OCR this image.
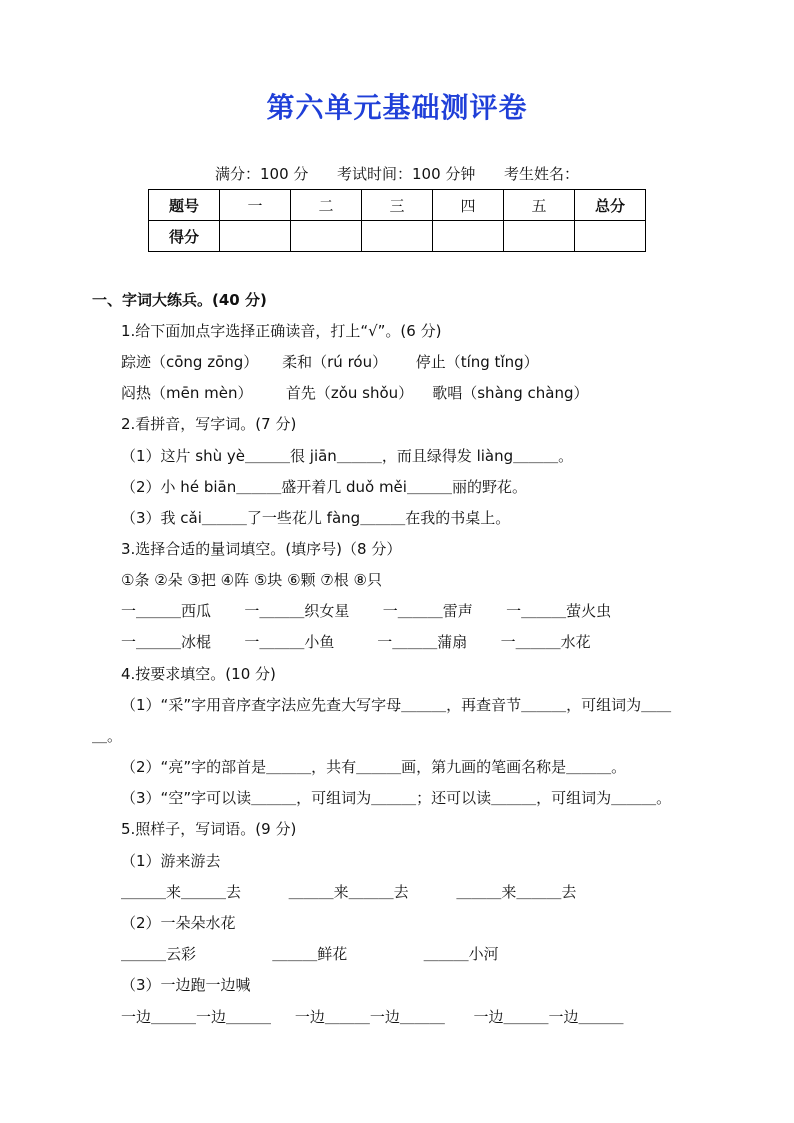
第六单元基础测评卷
满分：100 分      考试时间：100 分钟      考生姓名：
题号	一	二	三	四	五	总分
得分						
一、字词大练兵。(40 分)
1.给下面加点字选择正确读音，打上“√”。(6 分)
踪迹（cōng zōng）     柔和（rú róu）      停止（tíng tǐng）
闷热（mēn mèn）       首先（zǒu shǒu）    歌唱（shàng chàng）
2.看拼音，写字词。(7 分)
（1）这片 shù yè＿＿＿很 jiān＿＿＿，而且绿得发 liàng＿＿＿。
（2）小 hé biān＿＿＿盛开着几 duǒ měi＿＿＿丽的野花。
（3）我 cǎi＿＿＿了一些花儿 fàng＿＿＿在我的书桌上。
3.选择合适的量词填空。(填序号)（8 分）
①条 ②朵 ③把 ④阵 ⑤块 ⑥颗 ⑦根 ⑧只
一＿＿＿西瓜       一＿＿＿织女星       一＿＿＿雷声       一＿＿＿萤火虫
一＿＿＿冰棍       一＿＿＿小鱼         一＿＿＿蒲扇       一＿＿＿水花
4.按要求填空。(10 分)
（1）“采”字用音序查字法应先查大写字母＿＿＿，再查音节＿＿＿，可组词为＿＿
＿。
（2）“亮”字的部首是＿＿＿，共有＿＿＿画，第九画的笔画名称是＿＿＿。
（3）“空”字可以读＿＿＿，可组词为＿＿＿；还可以读＿＿＿，可组词为＿＿＿。
5.照样子，写词语。(9 分)
（1）游来游去
＿＿＿来＿＿＿去          ＿＿＿来＿＿＿去          ＿＿＿来＿＿＿去
（2）一朵朵水花
＿＿＿云彩                ＿＿＿鲜花                ＿＿＿小河
（3）一边跑一边喊
一边＿＿＿一边＿＿＿     一边＿＿＿一边＿＿＿      一边＿＿＿一边＿＿＿
